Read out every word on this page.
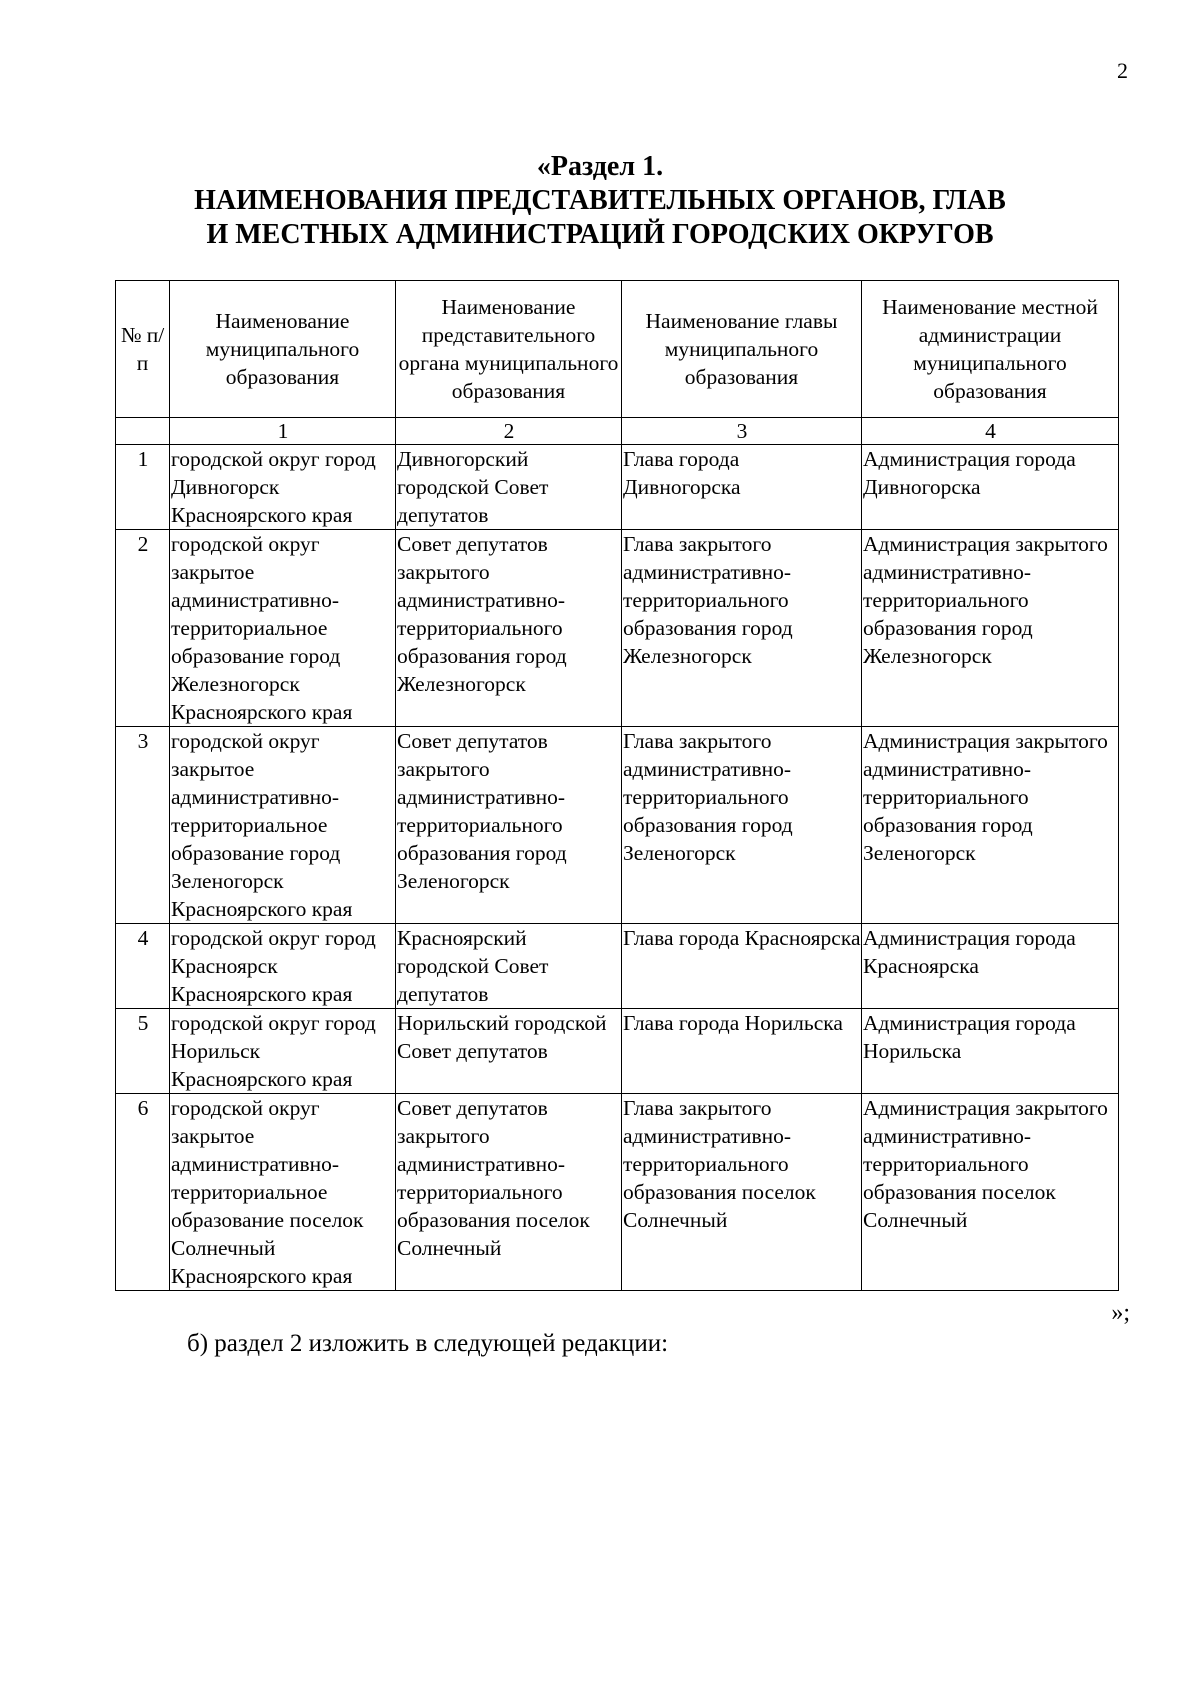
2
«Раздел 1.
НАИМЕНОВАНИЯ ПРЕДСТАВИТЕЛЬНЫХ ОРГАНОВ, ГЛАВ
И МЕСТНЫХ АДМИНИСТРАЦИЙ ГОРОДСКИХ ОКРУГОВ
№ п/п	Наименование муниципального образования	Наименование представительного органа муниципального образования	Наименование главы муниципального образования	Наименование местной администрации муниципального образования
	1	2	3	4
1	городской округ город Дивногорск Красноярского края	Дивногорский городской Совет депутатов	Глава города Дивногорска	Администрация города Дивногорска
2	городской округ закрытое административно-территориальное образование город Железногорск Красноярского края	Совет депутатов закрытого административно-территориального образования город Железногорск	Глава закрытого административно-территориального образования город Железногорск	Администрация закрытого административно-территориального образования город Железногорск
3	городской округ закрытое административно-территориальное образование город Зеленогорск Красноярского края	Совет депутатов закрытого административно-территориального образования город Зеленогорск	Глава закрытого административно-территориального образования город Зеленогорск	Администрация закрытого административно-территориального образования город Зеленогорск
4	городской округ город Красноярск Красноярского края	Красноярский городской Совет депутатов	Глава города Красноярска	Администрация города Красноярска
5	городской округ город Норильск Красноярского края	Норильский городской Совет депутатов	Глава города Норильска	Администрация города Норильска
6	городской округ закрытое административно-территориальное образование поселок Солнечный Красноярского края	Совет депутатов закрытого административно-территориального образования поселок Солнечный	Глава закрытого административно-территориального образования поселок Солнечный	Администрация закрытого административно-территориального образования поселок Солнечный
»;
б) раздел 2 изложить в следующей редакции:
